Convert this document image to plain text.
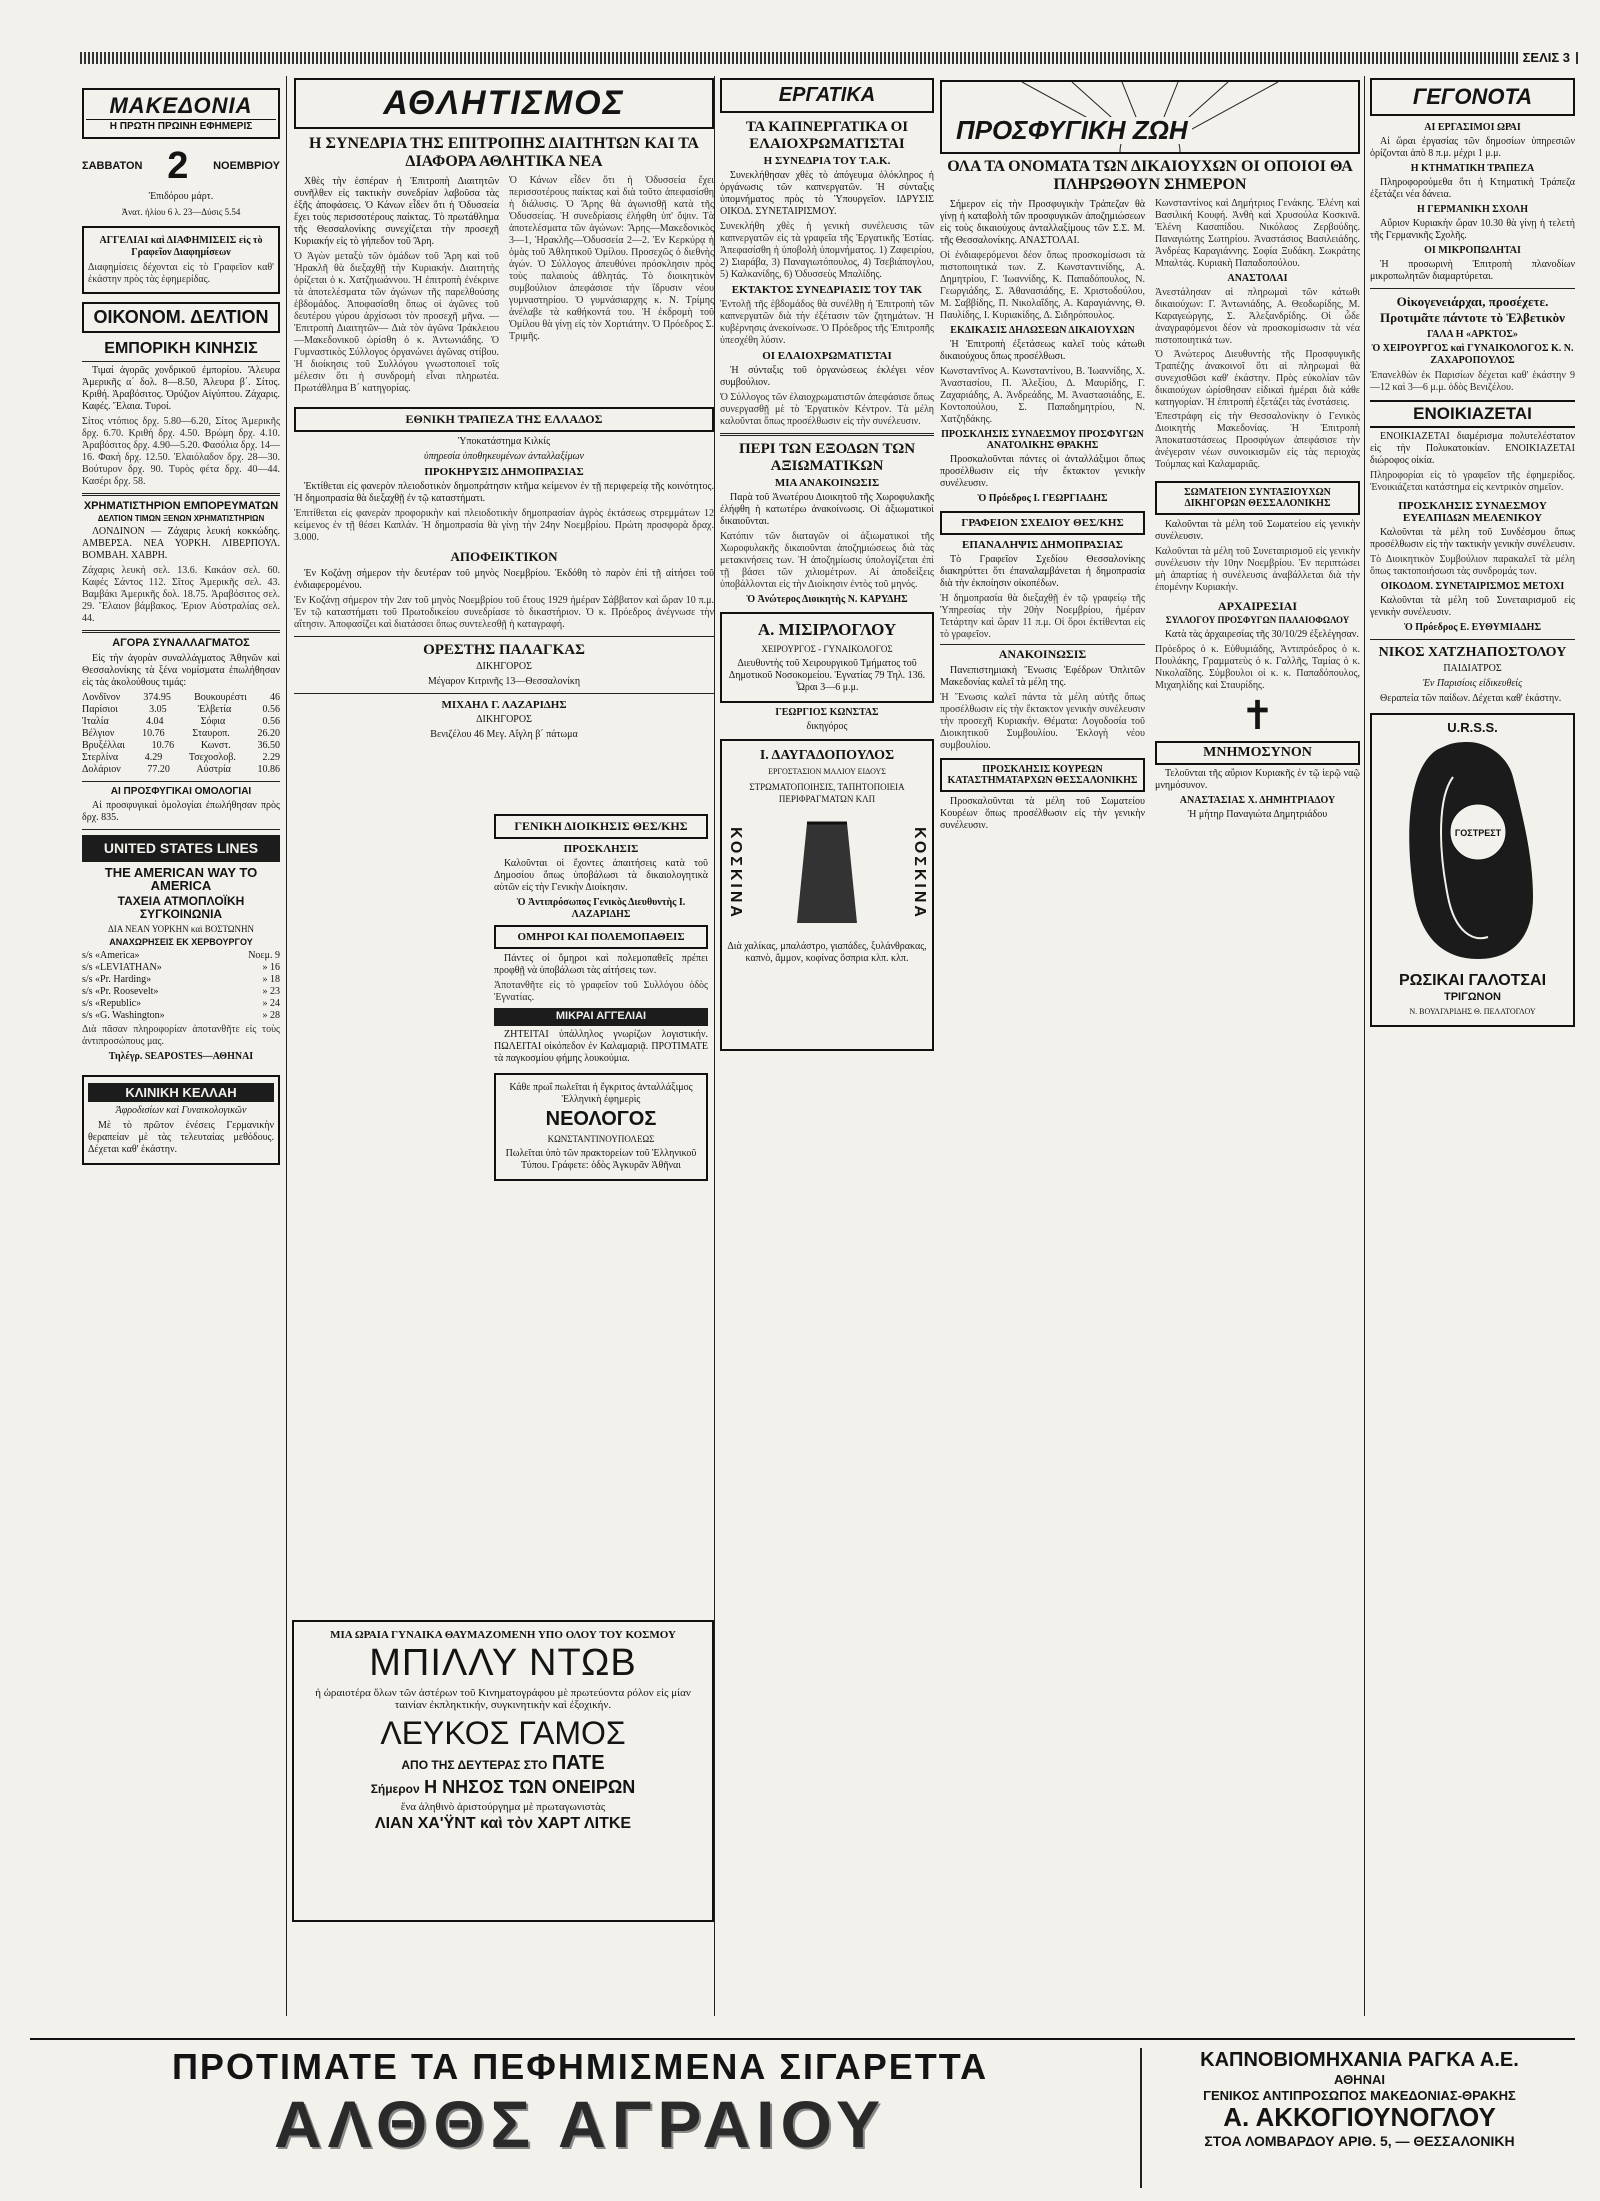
ΣΕΛΙΣ 3
ΜΑΚΕΔΟΝΙΑ
Η ΠΡΩΤΗ ΠΡΩΙΝΗ ΕΦΗΜΕΡΙΣ
ΣΑΒΒΑΤΟΝ 2 ΝΟΕΜΒΡΙΟΥ
Ἐπιδόρου μάρτ.
Ἀνατ. ἡλίου 6 λ. 23—Δύσις 5.54
ΑΓΓΕΛΙΑΙ καὶ ΔΙΑΦΗΜΙΣΕΙΣ εἰς τὸ Γραφεῖον Διαφημίσεων
Διαφημίσεις δέχονται εἰς τὸ Γραφεῖον καθ' ἑκάστην πρὸς τὰς ἐφημερίδας.
ΟΙΚΟΝΟΜ. ΔΕΛΤΙΟΝ
ΕΜΠΟΡΙΚΗ ΚΙΝΗΣΙΣ

Τιμαί ἀγορᾶς χονδρικοῦ ἐμπορίου. Ἄλευρα Ἀμερικῆς α΄ δολ. 8—8.50, Ἀλευρα β΄. Σίτος. Κριθή. Ἀραβόσιτος. Ὀρύζιον Αἰγύπτου. Ζάχαρις. Καφές. Ἔλαια. Τυροί.

Σίτος ντόπιος δρχ. 5.80—6.20, Σίτος Ἀμερικῆς δρχ. 6.70. Κριθή δρχ. 4.50. Βρώμη δρχ. 4.10. Ἀραβόσιτος δρχ. 4.90—5.20. Φασόλια δρχ. 14—16. Φακή δρχ. 12.50. Ἐλαιόλαδον δρχ. 28—30. Βούτυρον δρχ. 90. Τυρὸς φέτα δρχ. 40—44. Κασέρι δρχ. 58.
ΧΡΗΜΑΤΙΣΤΗΡΙΟΝ ΕΜΠΟΡΕΥΜΑΤΩΝ
ΔΕΛΤΙΟΝ ΤΙΜΩΝ ΞΕΝΩΝ ΧΡΗΜΑΤΙΣΤΗΡΙΩΝ

ΛΟΝΔΙΝΟΝ — Ζάχαρις λευκή κοκκώδης. ΑΜΒΕΡΣΑ. ΝΕΑ ΥΟΡΚΗ. ΛΙΒΕΡΠΟΥΛ. ΒΟΜΒΑΗ. ΧΑΒΡΗ.

Ζάχαρις λευκὴ σελ. 13.6. Κακάον σελ. 60. Καφές Σάντος 112. Σῖτος Ἀμερικῆς σελ. 43. Βαμβάκι Ἀμερικῆς δολ. 18.75. Ἀραβόσιτος σελ. 29. Ἔλαιον βάμβακος. Ἐριον Αὐστραλίας σελ. 44.
ΑΓΟΡΑ ΣΥΝΑΛΛΑΓΜΑΤΟΣ

Εἰς τὴν ἀγορὰν συναλλάγματος Ἀθηνῶν καὶ Θεσσαλονίκης τὰ ξένα νομίσματα ἐπωλήθησαν εἰς τὰς ἀκολούθους τιμάς:

Λονδῖνον 374.95 Βουκουρέστι 46
Παρίσιοι	3.05	Ἑλβετία	0.56
Ἰταλία	4.04	Σόφια	0.56
Βέλγιον	10.76	Σταυροπ.	26.20
Βρυξέλλαι	10.76	Κωνστ.	36.50
Στερλίνα	4.29	Τσεχοσλοβ.	2.29
Δολάριον	77.20	Αὐστρία	10.86
ΑΙ ΠΡΟΣΦΥΓΙΚΑΙ ΟΜΟΛΟΓΙΑΙ

Αἱ προσφυγικαὶ ὁμολογίαι ἐπωλήθησαν πρὸς δρχ. 835.

UNITED STATES LINES
THE AMERICAN WAY TO AMERICA
ΤΑΧΕΙΑ ΑΤΜΟΠΛΟΪΚΗ ΣΥΓΚΟΙΝΩΝΙΑ
ΔΙΑ ΝΕΑΝ ΥΟΡΚΗΝ καὶ ΒΟΣΤΩΝΗΝ
ΑΝΑΧΩΡΗΣΕΙΣ ΕΚ ΧΕΡΒΟΥΡΓΟΥ
s/s «America»	Νοεμ. 9
s/s «LEVIATHAN»	» 16
s/s «Pr. Harding»	» 18
s/s «Pr. Roosevelt»	» 23
s/s «Republic»	» 24
s/s «G. Washington»	» 28
Διὰ πᾶσαν πληροφορίαν ἀποτανθῆτε εἰς τοὺς ἀντιπροσώπους μας.
Τηλέγρ. SEAPOSTES—ΑΘΗΝΑΙ
ΚΛΙΝΙΚΗ ΚΕΛΛΑΗ
Ἀφροδισίων καὶ Γυναικολογικῶν

Μὲ τὸ πρῶτον ἐνέσεις Γερμανικὴν θεραπείαν μὲ τὰς τελευταίας μεθόδους. Δέχεται καθ' ἑκάστην.

ΑΘΛΗΤΙΣΜΟΣ
Η ΣΥΝΕΔΡΙΑ ΤΗΣ ΕΠΙΤΡΟΠΗΣ ΔΙΑΙΤΗΤΩΝ ΚΑΙ ΤΑ ΔΙΑΦΟΡΑ ΑΘΛΗΤΙΚΑ ΝΕΑ

Χθὲς τὴν ἑσπέραν ἡ Ἐπιτροπὴ Διαιτητῶν συνῆλθεν εἰς τακτικὴν συνεδρίαν λαβοῦσα τὰς ἑξῆς ἀποφάσεις. Ὁ Κάνων εἶδεν ὅτι ἡ Ὀδυσσεία ἔχει τοὺς περισσοτέρους παίκτας. Τὸ πρωτάθλημα τῆς Θεσσαλονίκης συνεχίζεται τὴν προσεχῆ Κυριακήν εἰς τὸ γήπεδον τοῦ Ἄρη.

Ὁ Ἀγὼν μεταξὺ τῶν ὁμάδων τοῦ Ἄρη καὶ τοῦ Ἡρακλῆ θὰ διεξαχθῇ τὴν Κυριακήν. Διαιτητὴς ὁρίζεται ὁ κ. Χατζηιωάννου. Ἡ ἐπιτροπὴ ἐνέκρινε τὰ ἀποτελέσματα τῶν ἀγώνων τῆς παρελθούσης ἑβδομάδος. Ἀποφασίσθη ὅπως οἱ ἀγῶνες τοῦ δευτέρου γύρου ἀρχίσωσι τὸν προσεχῆ μῆνα. —Ἐπιτροπὴ Διαιτητῶν— Διὰ τὸν ἀγῶνα Ἰράκλειου—Μακεδονικοῦ ὡρίσθη ὁ κ. Ἀντωνιάδης. Ὁ Γυμναστικὸς Σύλλογος ὀργανώνει ἀγῶνας στίβου. Ἡ διοίκησις τοῦ Συλλόγου γνωστοποιεῖ τοῖς μέλεσιν ὅτι ἡ συνδρομὴ εἶναι πληρωτέα. Πρωτάθλημα Β΄ κατηγορίας.
Ὁ Κάνων εἶδεν ὅτι ἡ Ὀδυσσεία ἔχει περισσοτέρους παίκτας καὶ διὰ τοῦτο ἀπεφασίσθη ἡ διάλυσις. Ὁ Ἄρης θὰ ἀγωνισθῇ κατὰ τῆς Ὀδυσσείας. Ἡ συνεδρίασις ἐλήφθη ὑπ' ὄψιν. Τὰ ἀποτελέσματα τῶν ἀγώνων: Ἄρης—Μακεδονικὸς 3—1, Ἡρακλῆς—Ὀδυσσεία 2—2. Ἐν Κερκύρᾳ ἡ ὁμὰς τοῦ Ἀθλητικοῦ Ὁμίλου. Προσεχῶς ὁ διεθνὴς ἀγών. Ὁ Σύλλογος ἀπευθύνει πρόσκλησιν πρὸς τοὺς παλαιοὺς ἀθλητάς. Τὸ διοικητικὸν συμβούλιον ἀπεφάσισε τὴν ἵδρυσιν νέου γυμναστηρίου. Ὁ γυμνάσιαρχης κ. Ν. Τρίμης ἀνέλαβε τὰ καθήκοντά του. Ἡ ἐκδρομὴ τοῦ Ὀμίλου θὰ γίνῃ εἰς τὸν Χορτιάτην. Ὁ Πρόεδρος Σ. Τριμῆς.
ΕΘΝΙΚΗ ΤΡΑΠΕΖΑ ΤΗΣ ΕΛΛΑΔΟΣ
Ὑποκατάστημα Κιλκίς
ὑπηρεσία ὑποθηκευμένων ἀνταλλαξίμων
ΠΡΟΚΗΡΥΞΙΣ ΔΗΜΟΠΡΑΣΙΑΣ

Ἐκτίθεται εἰς φανερὸν πλειοδοτικὸν δημοπράτησιν κτῆμα κείμενον ἐν τῇ περιφερείᾳ τῆς κοινότητος. Ἡ δημοπρασία θὰ διεξαχθῇ ἐν τῷ καταστήματι.

Ἐπιτίθεται εἰς φανερὰν προφορικὴν καὶ πλειοδοτικὴν δημοπρασίαν ἀγρὸς ἐκτάσεως στρεμμάτων 12 κείμενος ἐν τῇ θέσει Καπλάν. Ἡ δημοπρασία θὰ γίνῃ τὴν 24ην Νοεμβρίου. Πρώτη προσφορὰ δραχ. 3.000.
ΑΠΟΦΕΙΚΤΙΚΟΝ

Ἐν Κοζάνῃ σήμερον τὴν δευτέραν τοῦ μηνὸς Νοεμβρίου. Ἐκδόθη τὸ παρὸν ἐπὶ τῇ αἰτήσει τοῦ ἐνδιαφερομένου.

Ἐν Κοζάνῃ σήμερον τὴν 2αν τοῦ μηνὸς Νοεμβρίου τοῦ ἔτους 1929 ἡμέραν Σάββατον καὶ ὥραν 10 π.μ. Ἐν τῷ καταστήματι τοῦ Πρωτοδικείου συνεδρίασε τὸ δικαστήριον. Ὁ κ. Πρόεδρος ἀνέγνωσε τὴν αἴτησιν. Ἀποφασίζει καὶ διατάσσει ὅπως συντελεσθῇ ἡ καταγραφή.
ΟΡΕΣΤΗΣ ΠΑΛΑΓΚΑΣ
ΔΙΚΗΓΟΡΟΣ
Μέγαρον Κιτρινῆς 13—Θεσσαλονίκη
ΜΙΧΑΗΛ Γ. ΛΑΖΑΡΙΔΗΣ
ΔΙΚΗΓΟΡΟΣ
Βενιζέλου 46 Μεγ. Αἴγλη β΄ πάτωμα
ΓΕΝΙΚΗ ΔΙΟΙΚΗΣΙΣ ΘΕΣ/ΚΗΣ
ΠΡΟΣΚΛΗΣΙΣ

Καλοῦνται οἱ ἔχοντες ἀπαιτήσεις κατὰ τοῦ Δημοσίου ὅπως ὑποβάλωσι τὰ δικαιολογητικὰ αὐτῶν εἰς τὴν Γενικὴν Διοίκησιν.

Ὁ Ἀντιπρόσωπος Γενικὸς Διευθυντὴς Ι. ΛΑΖΑΡΙΔΗΣ
ΟΜΗΡΟΙ ΚΑΙ ΠΟΛΕΜΟΠΑΘΕΙΣ

Πάντες οἱ ὅμηροι καὶ πολεμοπαθεῖς πρέπει προφθῇ νὰ ὑποβάλωσι τὰς αἰτήσεις των.

Ἀποτανθῆτε εἰς τὸ γραφεῖον τοῦ Συλλόγου ὁδὸς Ἐγνατίας.
ΜΙΚΡΑΙ ΑΓΓΕΛΙΑΙ

ΖΗΤΕΙΤΑΙ ὑπάλληλος γνωρίζων λογιστικήν. ΠΩΛΕΙΤΑΙ οἰκόπεδον ἐν Καλαμαριᾷ. ΠΡΟΤΙΜΑΤΕ τὰ παγκοσμίου φήμης λουκούμια.

Κάθε πρωΐ πωλεῖται ἡ ἔγκριτος ἀνταλλάξιμος Ἑλληνικὴ ἐφημερὶς
ΝΕΟΛΟΓΟΣ
ΚΩΝΣΤΑΝΤΙΝΟΥΠΟΛΕΩΣ
Πωλεῖται ὑπὸ τῶν πρακτορείων τοῦ Ἑλληνικοῦ Τύπου. Γράφετε: ὁδὸς Ἀγκυρᾶν Ἀθῆναι
ΜΙΑ ΩΡΑΙΑ ΓΥΝΑΙΚΑ ΘΑΥΜΑΖΟΜΕΝΗ ΥΠΟ ΟΛΟΥ ΤΟΥ ΚΟΣΜΟΥ
ΜΠΙΛΛΥ ΝΤΩΒ
ἡ ὡραιοτέρα ὅλων τῶν ἀστέρων τοῦ Κινηματογράφου μὲ πρωτεύοντα ρόλον εἰς μίαν ταινίαν ἐκπληκτικήν, συγκινητικὴν καὶ ἐξοχικήν.
ΛΕΥΚΟΣ ΓΑΜΟΣ
ΑΠΟ ΤΗΣ ΔΕΥΤΕΡΑΣ ΣΤΟ ΠΑΤΕ
Σήμερον Η ΝΗΣΟΣ ΤΩΝ ΟΝΕΙΡΩΝ
ἕνα ἀληθινὸ ἀριστούργημα μὲ πρωταγωνιστὰς
ΛΙΑΝ ΧΑ'ΫΝΤ καὶ τὸν ΧΑΡΤ ΛΙΤΚΕ
ΕΡΓΑΤΙΚΑ
ΤΑ ΚΑΠΝΕΡΓΑΤΙΚΑ ΟΙ ΕΛΑΙΟΧΡΩΜΑΤΙΣΤΑΙ
Η ΣΥΝΕΔΡΙΑ ΤΟΥ Τ.Α.Κ.

Συνεκλήθησαν χθὲς τὸ ἀπόγευμα ὁλόκληρος ἡ ὀργάνωσις τῶν καπνεργατῶν. Ἡ σύνταξις ὑπομνήματος πρὸς τὸ Ὑπουργεῖον. ΙΔΡΥΣΙΣ ΟΙΚΟΔ. ΣΥΝΕΤΑΙΡΙΣΜΟΥ.

Συνεκλήθη χθὲς ἡ γενικὴ συνέλευσις τῶν καπνεργατῶν εἰς τὰ γραφεῖα τῆς Ἐργατικῆς Ἑστίας. Ἀπεφασίσθη ἡ ὑποβολὴ ὑπομνήματος. 1) Ζαφειρίου, 2) Σιαράβα, 3) Παναγιωτόπουλος, 4) Τσεβιάπογλου, 5) Καλκανίδης, 6) Ὀδυσσεὺς Μπαλίδης.
ΕΚΤΑΚΤΟΣ ΣΥΝΕΔΡΙΑΣΙΣ ΤΟΥ ΤΑΚ
Ἐντολῇ τῆς ἑβδομάδος θὰ συνέλθῃ ἡ Ἐπιτροπὴ τῶν καπνεργατῶν διὰ τὴν ἐξέτασιν τῶν ζητημάτων. Ἡ κυβέρνησις ἀνεκοίνωσε. Ὁ Πρόεδρος τῆς Ἐπιτροπῆς ὑπεσχέθη λύσιν.
ΟΙ ΕΛΑΙΟΧΡΩΜΑΤΙΣΤΑΙ

Ἡ σύνταξις τοῦ ὀργανώσεως ἐκλέγει νέον συμβούλιον.

Ὁ Σύλλογος τῶν ἐλαιοχρωματιστῶν ἀπεφάσισε ὅπως συνεργασθῇ μὲ τὸ Ἐργατικὸν Κέντρον. Τὰ μέλη καλοῦνται ὅπως προσέλθωσιν εἰς τὴν συνέλευσιν.
ΠΕΡΙ ΤΩΝ ΕΞΟΔΩΝ ΤΩΝ ΑΞΙΩΜΑΤΙΚΩΝ
ΜΙΑ ΑΝΑΚΟΙΝΩΣΙΣ

Παρὰ τοῦ Ἀνωτέρου Διοικητοῦ τῆς Χωροφυλακῆς ἐλήφθη ἡ κατωτέρω ἀνακοίνωσις. Οἱ ἀξιωματικοὶ δικαιοῦνται.

Κατόπιν τῶν διαταγῶν οἱ ἀξιωματικοὶ τῆς Χωροφυλακῆς δικαιοῦνται ἀποζημιώσεως διὰ τὰς μετακινήσεις των. Ἡ ἀποζημίωσις ὑπολογίζεται ἐπὶ τῇ βάσει τῶν χιλιομέτρων. Αἱ ἀποδείξεις ὑποβάλλονται εἰς τὴν Διοίκησιν ἐντὸς τοῦ μηνός.
Ὁ Ἀνώτερος Διοικητὴς Ν. ΚΑΡΥΔΗΣ
Α. ΜΙΣΙΡΛΟΓΛΟΥ
ΧΕΙΡΟΥΡΓΟΣ - ΓΥΝΑΙΚΟΛΟΓΟΣ
Διευθυντὴς τοῦ Χειρουργικοῦ Τμήματος τοῦ Δημοτικοῦ Νοσοκομείου. Ἐγνατίας 79 Τηλ. 136. Ὧραι 3—6 μ.μ.
ΓΕΩΡΓΙΟΣ ΚΩΝΣΤΑΣ
δικηγόρος
Ι. ΔΑΥΓΑΔΟΠΟΥΛΟΣ
ΕΡΓΟΣΤΑΣΙΟΝ ΜΑΛΙΟΥ ΕΙΔΟΥΣ
ΣΤΡΩΜΑΤΟΠΟΙΗΣΙΣ, ΤΑΠΗΤΟΠΟΙΕΙΑ ΠΕΡΙΦΡΑΓΜΑΤΩΝ ΚΛΠ
ΚΟΣΚΙΝΑ	ΚΟΣΚΙΝΑ
Διὰ χαλίκας, μπαλάστρο, γιαπάδες, ξυλάνθρακας, καπνὸ, ἄμμον, κοφίνας ὅσπρια κλπ. κλπ.
ΠΡΟΣΦΥΓΙΚΗ ΖΩΗ
ΟΛΑ ΤΑ ΟΝΟΜΑΤΑ ΤΩΝ ΔΙΚΑΙΟΥΧΩΝ ΟΙ ΟΠΟΙΟΙ ΘΑ ΠΛΗΡΩΘΟΥΝ ΣΗΜΕΡΟΝ

Σήμερον εἰς τὴν Προσφυγικὴν Τράπεζαν θὰ γίνῃ ἡ καταβολὴ τῶν προσφυγικῶν ἀποζημιώσεων εἰς τοὺς δικαιούχους ἀνταλλαξίμους τῶν Σ.Σ. Μ. τῆς Θεσσαλονίκης. ΑΝΑΣΤΟΛΑΙ.

Οἱ ἐνδιαφερόμενοι δέον ὅπως προσκομίσωσι τὰ πιστοποιητικά των. Ζ. Κωνσταντινίδης, Α. Δημητρίου, Γ. Ἰωαννίδης, Κ. Παπαδόπουλος, Ν. Γεωργιάδης, Σ. Ἀθανασιάδης, Ε. Χριστοδούλου, Μ. Σαββίδης, Π. Νικολαΐδης, Α. Καραγιάννης, Θ. Παυλίδης, Ι. Κυριακίδης, Δ. Σιδηρόπουλος.
ΕΚΔΙΚΑΣΙΣ ΔΗΛΩΣΕΩΝ ΔΙΚΑΙΟΥΧΩΝ

Ἡ Ἐπιτροπὴ ἐξετάσεως καλεῖ τοὺς κάτωθι δικαιούχους ὅπως προσέλθωσι.

Κωνσταντῖνος Α. Κωνσταντίνου, Β. Ἰωαννίδης, Χ. Ἀναστασίου, Π. Ἀλεξίου, Δ. Μαυρίδης, Γ. Ζαχαριάδης, Α. Ἀνδρεάδης, Μ. Ἀναστασιάδης, Ε. Κοντοπούλου, Σ. Παπαδημητρίου, Ν. Χατζηδάκης.
ΠΡΟΣΚΛΗΣΙΣ ΣΥΝΔΕΣΜΟΥ ΠΡΟΣΦΥΓΩΝ ΑΝΑΤΟΛΙΚΗΣ ΘΡΑΚΗΣ

Προσκαλοῦνται πάντες οἱ ἀνταλλάξιμοι ὅπως προσέλθωσιν εἰς τὴν ἔκτακτον γενικὴν συνέλευσιν.

Ὁ Πρόεδρος Ι. ΓΕΩΡΓΙΑΔΗΣ
ΓΡΑΦΕΙΟΝ ΣΧΕΔΙΟΥ ΘΕΣ/ΚΗΣ
ΕΠΑΝΑΛΗΨΙΣ ΔΗΜΟΠΡΑΣΙΑΣ

Τὸ Γραφεῖον Σχεδίου Θεσσαλονίκης διακηρύττει ὅτι ἐπαναλαμβάνεται ἡ δημοπρασία διὰ τὴν ἐκποίησιν οἰκοπέδων.

Ἡ δημοπρασία θὰ διεξαχθῇ ἐν τῷ γραφείῳ τῆς Ὑπηρεσίας τὴν 20ὴν Νοεμβρίου, ἡμέραν Τετάρτην καὶ ὥραν 11 π.μ. Οἱ ὅροι ἐκτίθενται εἰς τὸ γραφεῖον.
ΑΝΑΚΟΙΝΩΣΙΣ

Πανεπιστημιακὴ Ἕνωσις Ἐφέδρων Ὀπλιτῶν Μακεδονίας καλεῖ τὰ μέλη της.

Ἡ Ἕνωσις καλεῖ πάντα τὰ μέλη αὐτῆς ὅπως προσέλθωσιν εἰς τὴν ἔκτακτον γενικὴν συνέλευσιν τὴν προσεχῆ Κυριακήν. Θέματα: Λογοδοσία τοῦ Διοικητικοῦ Συμβουλίου. Ἐκλογὴ νέου συμβουλίου.
ΠΡΟΣΚΛΗΣΙΣ ΚΟΥΡΕΩΝ ΚΑΤΑΣΤΗΜΑΤΑΡΧΩΝ ΘΕΣΣΑΛΟΝΙΚΗΣ

Προσκαλοῦνται τὰ μέλη τοῦ Σωματείου Κουρέων ὅπως προσέλθωσιν εἰς τὴν γενικὴν συνέλευσιν.

Κωνσταντίνος καὶ Δημήτριος Γενάκης. Ἑλένη καὶ Βασιλική Κουφή. Ἀνθὴ καὶ Χρυσούλα Κοσκινᾶ. Ἑλένη Κασαπίδου. Νικόλαος Ζερβούδης. Παναγιώτης Σωτηρίου. Ἀναστάσιος Βασιλειάδης. Ἀνδρέας Καραγιάννης. Σοφία Ξυδάκη. Σωκράτης Μπαλτάς. Κυριακὴ Παπαδοπούλου.
ΑΝΑΣΤΟΛΑΙ
Ἀνεστάλησαν αἱ πληρωμαὶ τῶν κάτωθι δικαιούχων: Γ. Ἀντωνιάδης, Α. Θεοδωρίδης, Μ. Καραγεώργης, Σ. Ἀλεξανδρίδης. Οἱ ὧδε ἀναγραφόμενοι δέον νὰ προσκομίσωσιν τὰ νέα πιστοποιητικά των.
Ὁ Ἀνώτερος Διευθυντὴς τῆς Προσφυγικῆς Τραπέζης ἀνακοινοῖ ὅτι αἱ πληρωμαὶ θὰ συνεχισθῶσι καθ' ἑκάστην. Πρὸς εὐκολίαν τῶν δικαιούχων ὡρίσθησαν εἰδικαὶ ἡμέραι διὰ κάθε κατηγορίαν. Ἡ ἐπιτροπὴ ἐξετάζει τὰς ἐνστάσεις.
Ἐπεστράφη εἰς τὴν Θεσσαλονίκην ὁ Γενικὸς Διοικητὴς Μακεδονίας. Ἡ Ἐπιτροπὴ Ἀποκαταστάσεως Προσφύγων ἀπεφάσισε τὴν ἀνέγερσιν νέων συνοικισμῶν εἰς τὰς περιοχὰς Τούμπας καὶ Καλαμαριᾶς.
ΣΩΜΑΤΕΙΟΝ ΣΥΝΤΑΞΙΟΥΧΩΝ ΔΙΚΗΓΟΡΩΝ ΘΕΣΣΑΛΟΝΙΚΗΣ

Καλοῦνται τὰ μέλη τοῦ Σωματείου εἰς γενικὴν συνέλευσιν.

Καλοῦνται τὰ μέλη τοῦ Συνεταιρισμοῦ εἰς γενικὴν συνέλευσιν τὴν 10ην Νοεμβρίου. Ἐν περιπτώσει μὴ ἀπαρτίας ἡ συνέλευσις ἀναβάλλεται διὰ τὴν ἑπομένην Κυριακήν.
ΑΡΧΑΙΡΕΣΙΑΙ
ΣΥΛΛΟΓΟΥ ΠΡΟΣΦΥΓΩΝ ΠΑΛΑΙΟΦΩΛΟΥ

Κατὰ τὰς ἀρχαιρεσίας τῆς 30/10/29 ἐξελέγησαν.

Πρόεδρος ὁ κ. Εὐθυμιάδης, Ἀντιπρόεδρος ὁ κ. Πουλάκης, Γραμματεὺς ὁ κ. Γαλλῆς, Ταμίας ὁ κ. Νικολαΐδης. Σύμβουλοι οἱ κ. κ. Παπαδόπουλος, Μιχαηλίδης καὶ Σταυρίδης.
✝
ΜΝΗΜΟΣΥΝΟΝ

Τελοῦνται τῆς αὔριον Κυριακῆς ἐν τῷ ἱερῷ ναῷ μνημόσυνον.

ΑΝΑΣΤΑΣΙΑΣ Χ. ΔΗΜΗΤΡΙΑΔΟΥ
Ἡ μήτηρ Παναγιώτα Δημητριάδου
ΓΕΓΟΝΟΤΑ
ΑΙ ΕΡΓΑΣΙΜΟΙ ΩΡΑΙ

Αἱ ὥραι ἐργασίας τῶν δημοσίων ὑπηρεσιῶν ὁρίζονται ἀπὸ 8 π.μ. μέχρι 1 μ.μ.

Η ΚΤΗΜΑΤΙΚΗ ΤΡΑΠΕΖΑ

Πληροφορούμεθα ὅτι ἡ Κτηματικὴ Τράπεζα ἐξετάζει νέα δάνεια.

Η ΓΕΡΜΑΝΙΚΗ ΣΧΟΛΗ

Αὔριον Κυριακὴν ὥραν 10.30 θὰ γίνῃ ἡ τελετὴ τῆς Γερμανικῆς Σχολῆς.

ΟΙ ΜΙΚΡΟΠΩΛΗΤΑΙ

Ἡ προσωρινὴ Ἐπιτροπὴ πλανοδίων μικροπωλητῶν διαμαρτύρεται.

Οἰκογενειάρχαι, προσέχετε. Προτιμᾶτε πάντοτε τὸ Ἑλβετικὸν
ΓΑΛΑ Η «ΑΡΚΤΟΣ»
Ὁ ΧΕΙΡΟΥΡΓΟΣ καὶ ΓΥΝΑΙΚΟΛΟΓΟΣ Κ. Ν. ΖΑΧΑΡΟΠΟΥΛΟΣ
Ἐπανελθὼν ἐκ Παρισίων δέχεται καθ' ἑκάστην 9—12 καὶ 3—6 μ.μ. ὁδὸς Βενιζέλου.
ΕΝΟΙΚΙΑΖΕΤΑΙ

ΕΝΟΙΚΙΑΖΕΤΑΙ διαμέρισμα πολυτελέστατον εἰς τὴν Πολυκατοικίαν. ΕΝΟΙΚΙΑΖΕΤΑΙ διώροφος οἰκία.

Πληροφορίαι εἰς τὸ γραφεῖον τῆς ἐφημερίδος. Ἐνοικιάζεται κατάστημα εἰς κεντρικὸν σημεῖον.
ΠΡΟΣΚΛΗΣΙΣ ΣΥΝΔΕΣΜΟΥ ΕΥΕΛΠΙΔΩΝ ΜΕΛΕΝΙΚΟΥ

Καλοῦνται τὰ μέλη τοῦ Συνδέσμου ὅπως προσέλθωσιν εἰς τὴν τακτικὴν γενικὴν συνέλευσιν.

Τὸ Διοικητικὸν Συμβούλιον παρακαλεῖ τὰ μέλη ὅπως τακτοποιήσωσι τὰς συνδρομάς των.
ΟΙΚΟΔΟΜ. ΣΥΝΕΤΑΙΡΙΣΜΟΣ ΜΕΤΟΧΙ

Καλοῦνται τὰ μέλη τοῦ Συνεταιρισμοῦ εἰς γενικὴν συνέλευσιν.

Ὁ Πρόεδρος Ε. ΕΥΘΥΜΙΑΔΗΣ
ΝΙΚΟΣ ΧΑΤΖΗΑΠΟΣΤΟΛΟΥ
ΠΑΙΔΙΑΤΡΟΣ
Ἐν Παρισίοις εἰδικευθείς

Θεραπεία τῶν παίδων. Δέχεται καθ' ἑκάστην.

U.R.S.S.
ΓΟΣΤΡΕΣΤ
ΡΩΣΙΚΑΙ ΓΑΛΟΤΣΑΙ
ΤΡΙΓΩΝΟΝ
Ν. ΒΟΥΛΓΑΡΙΔΗΣ Θ. ΠΕΛΑΤΟΓΛΟΥ
ΠΡΟΤΙΜΑΤΕ ΤΑ ΠΕΦΗΜΙΣΜΕΝΑ ΣΙΓΑΡΕΤΤΑ
ΑΛΘΘΣ ΑΓΡΑΙΟΥ
ΚΑΠΝΟΒΙΟΜΗΧΑΝΙΑ ΡΑΓΚΑ Α.Ε.
ΑΘΗΝΑΙ
ΓΕΝΙΚΟΣ ΑΝΤΙΠΡΟΣΩΠΟΣ ΜΑΚΕΔΟΝΙΑΣ-ΘΡΑΚΗΣ
Α. ΑΚΚΟΓΙΟΥΝΟΓΛΟΥ
ΣΤΟΑ ΛΟΜΒΑΡΔΟΥ ΑΡΙΘ. 5, — ΘΕΣΣΑΛΟΝΙΚΗ
